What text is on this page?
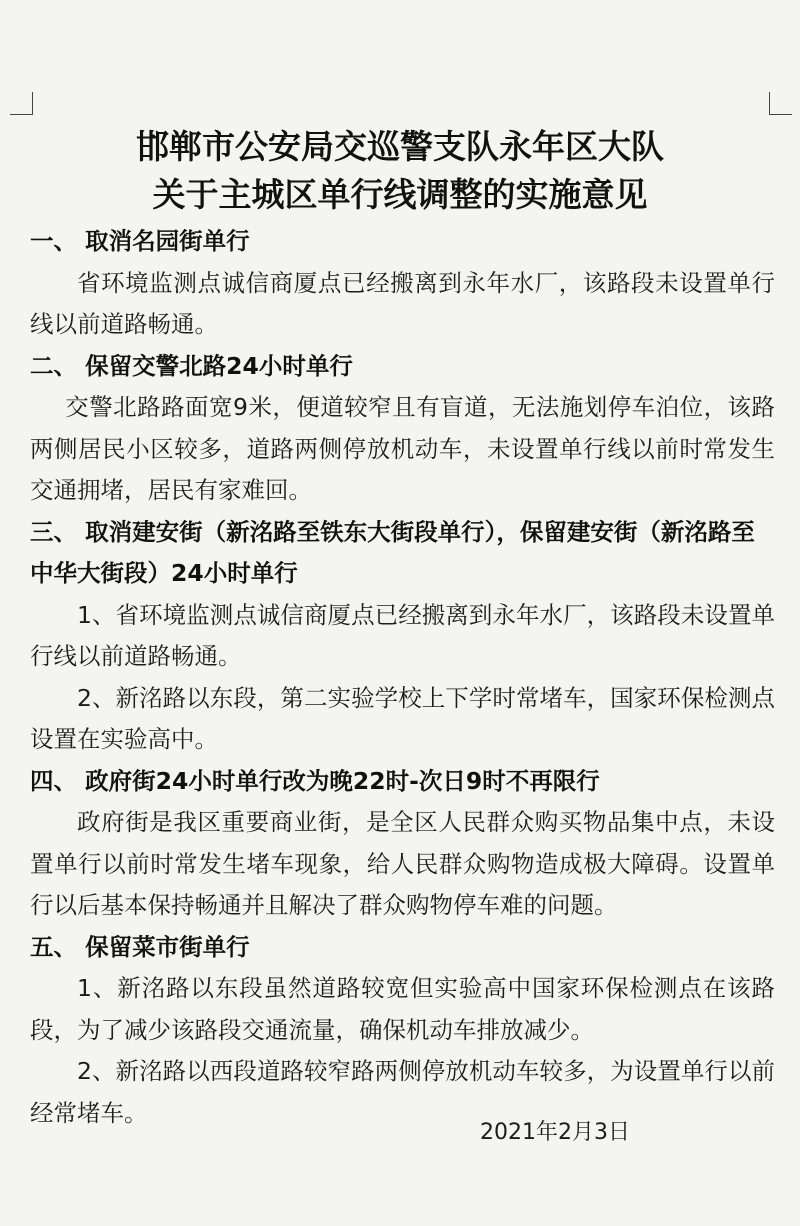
邯郸市公安局交巡警支队永年区大队
关于主城区单行线调整的实施意见

一、 取消名园街单行

省环境监测点诚信商厦点已经搬离到永年水厂，该路段未设置单行线以前道路畅通。

二、 保留交警北路24小时单行

交警北路路面宽9米，便道较窄且有盲道，无法施划停车泊位，该路两侧居民小区较多，道路两侧停放机动车，未设置单行线以前时常发生交通拥堵，居民有家难回。

三、 取消建安街（新洺路至铁东大街段单行），保留建安街（新洺路至中华大街段）24小时单行

1、省环境监测点诚信商厦点已经搬离到永年水厂，该路段未设置单行线以前道路畅通。

2、新洺路以东段，第二实验学校上下学时常堵车，国家环保检测点设置在实验高中。

四、 政府街24小时单行改为晚22时-次日9时不再限行

政府街是我区重要商业街，是全区人民群众购买物品集中点，未设置单行以前时常发生堵车现象，给人民群众购物造成极大障碍。设置单行以后基本保持畅通并且解决了群众购物停车难的问题。

五、 保留菜市街单行

1、新洺路以东段虽然道路较宽但实验高中国家环保检测点在该路段，为了减少该路段交通流量，确保机动车排放减少。

2、新洺路以西段道路较窄路两侧停放机动车较多，为设置单行以前经常堵车。

2021年2月3日
